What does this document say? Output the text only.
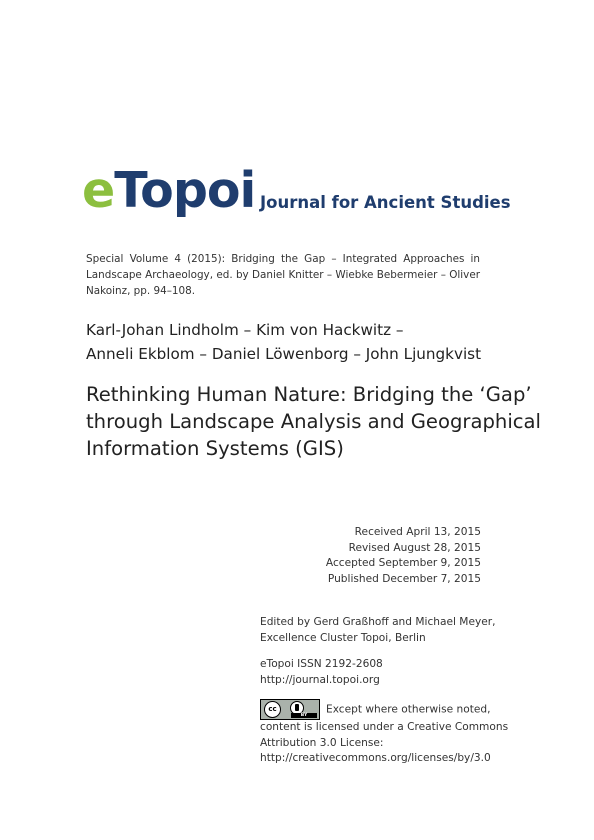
eTopoi Journal for Ancient Studies
Special Volume 4 (2015): Bridging the Gap – Integrated Approaches in Landscape Archaeology, ed. by Daniel Knitter – Wiebke Bebermeier – Oliver Nakoinz, pp. 94–108.
Karl-Johan Lindholm – Kim von Hackwitz –
Anneli Ekblom – Daniel Löwenborg – John Ljungkvist
Rethinking Human Nature: Bridging the ‘Gap’
through Landscape Analysis and Geographical
Information Systems (GIS)
Received April 13, 2015
Revised August 28, 2015
Accepted September 9, 2015
Published December 7, 2015
Edited by Gerd Graßhoff and Michael Meyer,
Excellence Cluster Topoi, Berlin
eTopoi ISSN 2192-2608
http://journal.topoi.org
cc
BY	Except where otherwise noted,
content is licensed under a Creative Commons
Attribution 3.0 License:
http://creativecommons.org/licenses/by/3.0
